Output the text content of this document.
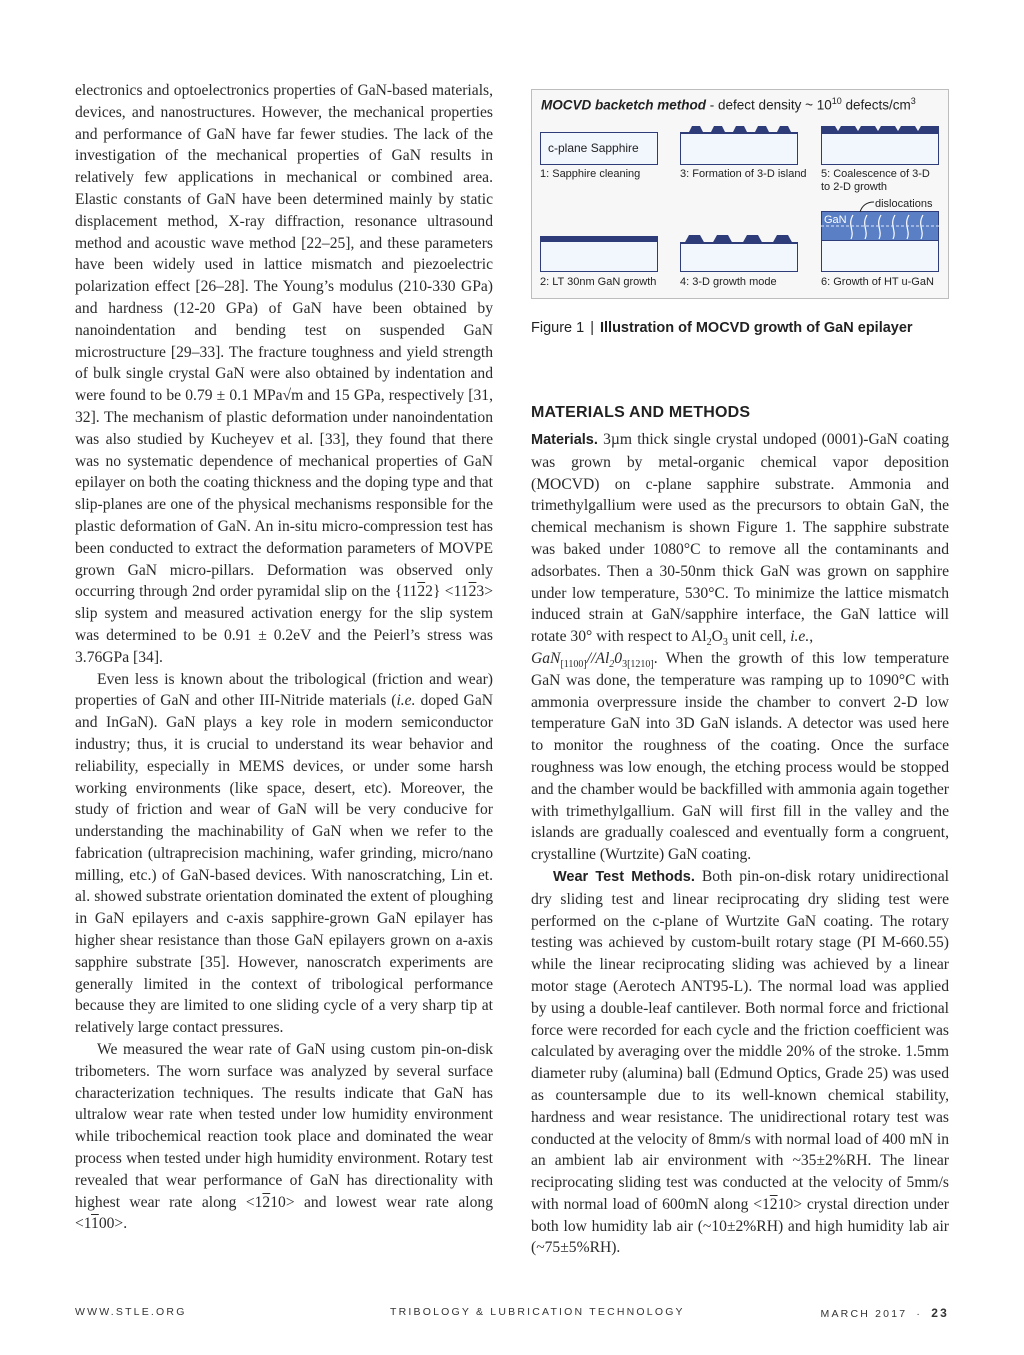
electronics and optoelectronics properties of GaN-based materials, devices, and nanostructures. However, the mechanical properties and performance of GaN have far fewer studies. The lack of the investigation of the mechanical properties of GaN results in relatively few applications in mechanical or combined area. Elastic constants of GaN have been determined mainly by static displacement method, X-ray diffraction, resonance ultrasound method and acoustic wave method [22–25], and these parameters have been widely used in lattice mismatch and piezoelectric polarization effect [26–28]. The Young’s modulus (210-330 GPa) and hardness (12-20 GPa) of GaN have been obtained by nanoindentation and bending test on suspended GaN microstructure [29–33]. The fracture toughness and yield strength of bulk single crystal GaN were also obtained by indentation and were found to be 0.79 ± 0.1 MPa√m and 15 GPa, respectively [31, 32]. The mechanism of plastic deformation under nanoindentation was also studied by Kucheyev et al. [33], they found that there was no systematic dependence of mechanical properties of GaN epilayer on both the coating thickness and the doping type and that slip-planes are one of the physical mechanisms responsible for the plastic deformation of GaN. An in-situ micro-compression test has been conducted to extract the deformation parameters of MOVPE grown GaN micro-pillars. Deformation was observed only occurring through 2nd order pyramidal slip on the {1122} <1123> slip system and measured activation energy for the slip system was determined to be 0.91 ± 0.2eV and the Peierl’s stress was 3.76GPa [34].

Even less is known about the tribological (friction and wear) properties of GaN and other III-Nitride materials (i.e. doped GaN and InGaN). GaN plays a key role in modern semiconductor industry; thus, it is crucial to understand its wear behavior and reliability, especially in MEMS devices, or under some harsh working environments (like space, desert, etc). Moreover, the study of friction and wear of GaN will be very conducive for understanding the machinability of GaN when we refer to the fabrication (ultraprecision machining, wafer grinding, micro/nano milling, etc.) of GaN-based devices. With nanoscratching, Lin et. al. showed substrate orientation dominated the extent of ploughing in GaN epilayers and c-axis sapphire-grown GaN epilayer has higher shear resistance than those GaN epilayers grown on a-axis sapphire substrate [35]. However, nanoscratch experiments are generally limited in the context of tribological performance because they are limited to one sliding cycle of a very sharp tip at relatively large contact pressures.

We measured the wear rate of GaN using custom pin-on-disk tribometers. The worn surface was analyzed by several surface characterization techniques. The results indicate that GaN has ultralow wear rate when tested under low humidity environment while tribochemical reaction took place and dominated the wear process when tested under high humidity environment. Rotary test revealed that wear performance of GaN has directionality with highest wear rate along <1210> and lowest wear rate along <1100>.

MOCVD backetch method - defect density ~ $10^{10}$ defects/$cm^3$
c-plane Sapphire
1: Sapphire cleaning	3: Formation of 3-D island 5: Coalescence of 3-D
to 2-D growth
2: LT 30nm GaN growth 4: 3-D growth mode
GaN
dislocations
6: Growth of HT u-GaN
Figure 1 | Illustration of MOCVD growth of GaN epilayer
MATERIALS AND METHODS

Materials. 3µm thick single crystal undoped (0001)-GaN coating was grown by metal-organic chemical vapor deposition (MOCVD) on c-plane sapphire substrate. Ammonia and trimethylgallium were used as the precursors to obtain GaN, the chemical mechanism is shown Figure 1. The sapphire substrate was baked under 1080°C to remove all the contaminants and adsorbates. Then a 30-50nm thick GaN was grown on sapphire under low temperature, 530°C. To minimize the lattice mismatch induced strain at GaN/sapphire interface, the GaN lattice will rotate 30° with respect to $Al_2O_3$ unit cell, i.e.,
$GaN_{[1100]}//Al_20_{3[1210]}$. When the growth of this low temperature GaN was done, the temperature was ramping up to 1090°C with ammonia overpressure inside the chamber to convert 2-D low temperature GaN into 3D GaN islands. A detector was used here to monitor the roughness of the coating. Once the surface roughness was low enough, the etching process would be stopped and the chamber would be backfilled with ammonia again together with trimethylgallium. GaN will first fill in the valley and the islands are gradually coalesced and eventually form a congruent, crystalline (Wurtzite) GaN coating.

Wear Test Methods. Both pin-on-disk rotary unidirectional dry sliding test and linear reciprocating dry sliding test were performed on the c-plane of Wurtzite GaN coating. The rotary testing was achieved by custom-built rotary stage (PI M-660.55) while the linear reciprocating sliding was achieved by a linear motor stage (Aerotech ANT95-L). The normal load was applied by using a double-leaf cantilever. Both normal force and frictional force were recorded for each cycle and the friction coefficient was calculated by averaging over the middle 20% of the stroke. 1.5mm diameter ruby (alumina) ball (Edmund Optics, Grade 25) was used as countersample due to its well-known chemical stability, hardness and wear resistance. The unidirectional rotary test was conducted at the velocity of 8mm/s with normal load of 400 mN in an ambient lab air environment with ~35±2%RH. The linear reciprocating sliding test was conducted at the velocity of 5mm/s with normal load of 600mN along <1210> crystal direction under both low humidity lab air (~10±2%RH) and high humidity lab air (~75±5%RH).

WWW.STLE.ORG	TRIBOLOGY & LUBRICATION TECHNOLOGY	MARCH 2017 · 23
